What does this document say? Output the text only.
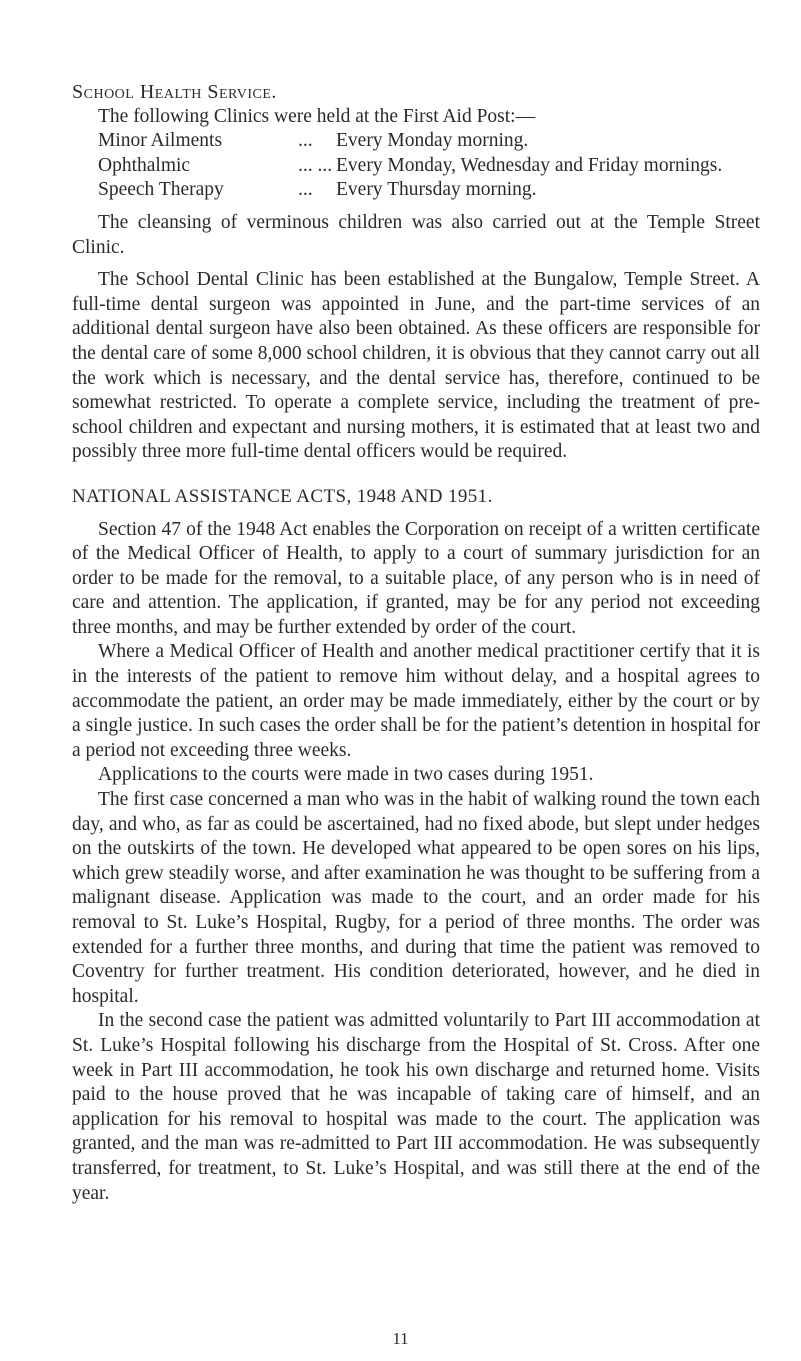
School Health Service.

The following Clinics were held at the First Aid Post:—

Minor Ailments	...	Every Monday morning.
Ophthalmic	... ...	Every Monday, Wednesday and Friday mornings.
Speech Therapy	...	Every Thursday morning.

The cleansing of verminous children was also carried out at the Temple Street Clinic.

The School Dental Clinic has been established at the Bungalow, Temple Street. A full-time dental surgeon was appointed in June, and the part-time services of an additional dental surgeon have also been obtained. As these officers are responsible for the dental care of some 8,000 school children, it is obvious that they cannot carry out all the work which is necessary, and the dental service has, therefore, continued to be somewhat restricted. To operate a complete service, including the treatment of pre-school children and expectant and nursing mothers, it is estimated that at least two and possibly three more full-time dental officers would be required.

NATIONAL ASSISTANCE ACTS, 1948 AND 1951.

Section 47 of the 1948 Act enables the Corporation on receipt of a written certificate of the Medical Officer of Health, to apply to a court of summary jurisdiction for an order to be made for the removal, to a suitable place, of any person who is in need of care and attention. The application, if granted, may be for any period not exceeding three months, and may be further extended by order of the court.

Where a Medical Officer of Health and another medical practitioner certify that it is in the interests of the patient to remove him without delay, and a hospital agrees to accommodate the patient, an order may be made immediately, either by the court or by a single justice. In such cases the order shall be for the patient’s detention in hospital for a period not exceeding three weeks.

Applications to the courts were made in two cases during 1951.

The first case concerned a man who was in the habit of walking round the town each day, and who, as far as could be ascertained, had no fixed abode, but slept under hedges on the outskirts of the town. He developed what appeared to be open sores on his lips, which grew steadily worse, and after examination he was thought to be suffering from a malignant disease. Application was made to the court, and an order made for his removal to St. Luke’s Hospital, Rugby, for a period of three months. The order was extended for a further three months, and during that time the patient was removed to Coventry for further treatment. His condition deteriorated, however, and he died in hospital.

In the second case the patient was admitted voluntarily to Part III accommodation at St. Luke’s Hospital following his discharge from the Hospital of St. Cross. After one week in Part III accommodation, he took his own discharge and returned home. Visits paid to the house proved that he was incapable of taking care of himself, and an application for his removal to hospital was made to the court. The application was granted, and the man was re-admitted to Part III accommodation. He was subsequently transferred, for treatment, to St. Luke’s Hospital, and was still there at the end of the year.

11
